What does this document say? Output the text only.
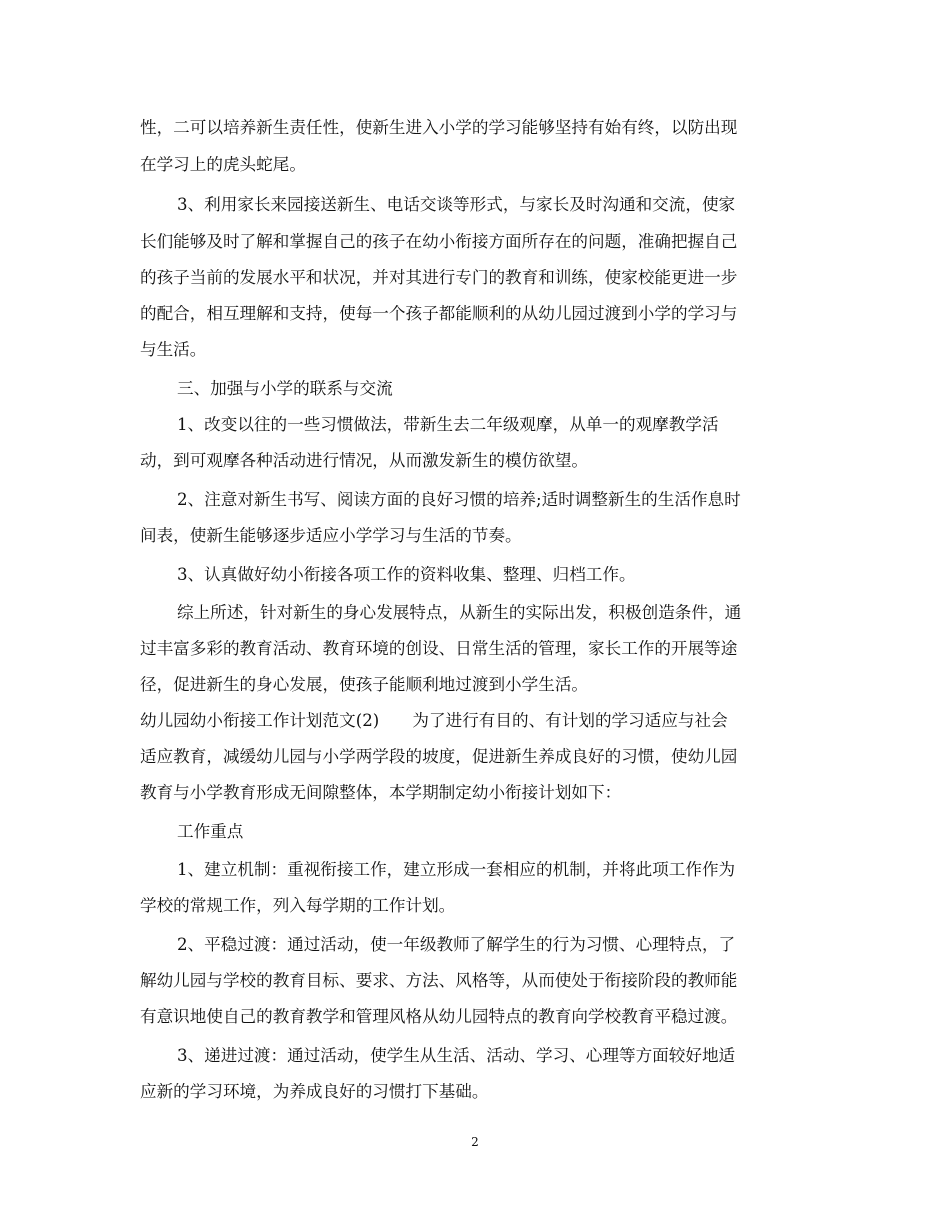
性，二可以培养新生责任性，使新生进入小学的学习能够坚持有始有终，以防出现
在学习上的虎头蛇尾。
3、利用家长来园接送新生、电话交谈等形式，与家长及时沟通和交流，使家
长们能够及时了解和掌握自己的孩子在幼小衔接方面所存在的问题，准确把握自己
的孩子当前的发展水平和状况，并对其进行专门的教育和训练，使家校能更进一步
的配合，相互理解和支持，使每一个孩子都能顺利的从幼儿园过渡到小学的学习与
与生活。
三、加强与小学的联系与交流
1、改变以往的一些习惯做法，带新生去二年级观摩，从单一的观摩教学活
动，到可观摩各种活动进行情况，从而激发新生的模仿欲望。
2、注意对新生书写、阅读方面的良好习惯的培养;适时调整新生的生活作息时
间表，使新生能够逐步适应小学学习与生活的节奏。
3、认真做好幼小衔接各项工作的资料收集、整理、归档工作。
综上所述，针对新生的身心发展特点，从新生的实际出发，积极创造条件，通
过丰富多彩的教育活动、教育环境的创设、日常生活的管理，家长工作的开展等途
径，促进新生的身心发展，使孩子能顺利地过渡到小学生活。
幼儿园幼小衔接工作计划范文(2)　　为了进行有目的、有计划的学习适应与社会
适应教育，减缓幼儿园与小学两学段的坡度，促进新生养成良好的习惯，使幼儿园
教育与小学教育形成无间隙整体，本学期制定幼小衔接计划如下：
工作重点
1、建立机制：重视衔接工作，建立形成一套相应的机制，并将此项工作作为
学校的常规工作，列入每学期的工作计划。
2、平稳过渡：通过活动，使一年级教师了解学生的行为习惯、心理特点，了
解幼儿园与学校的教育目标、要求、方法、风格等，从而使处于衔接阶段的教师能
有意识地使自己的教育教学和管理风格从幼儿园特点的教育向学校教育平稳过渡。
3、递进过渡：通过活动，使学生从生活、活动、学习、心理等方面较好地适
应新的学习环境，为养成良好的习惯打下基础。
2
